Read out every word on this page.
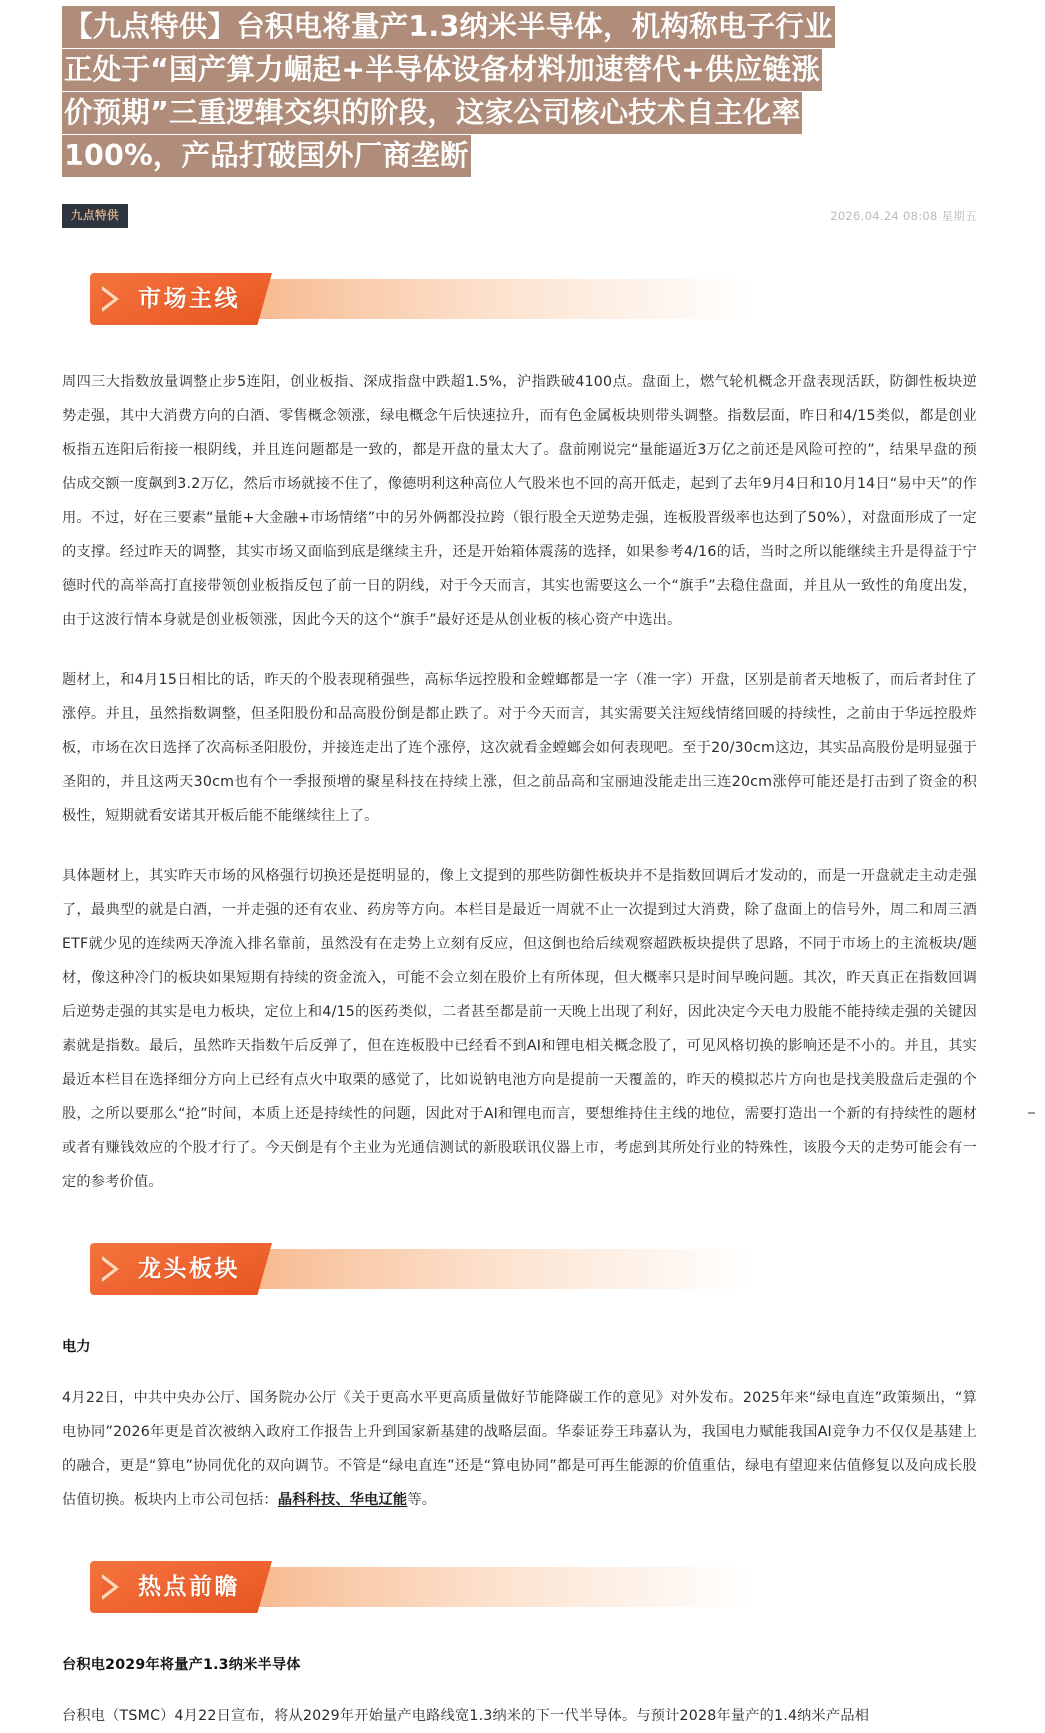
【九点特供】台积电将量产1.3纳米半导体，机构称电子行业
正处于“国产算力崛起+半导体设备材料加速替代+供应链涨
价预期”三重逻辑交织的阶段，这家公司核心技术自主化率
100%，产品打破国外厂商垄断
九点特供	2026.04.24 08:08 星期五
市场主线

周四三大指数放量调整止步5连阳，创业板指、深成指盘中跌超1.5%，沪指跌破4100点。盘面上，燃气轮机概念开盘表现活跃，防御性板块逆势走强，其中大消费方向的白酒、零售概念领涨，绿电概念午后快速拉升，而有色金属板块则带头调整。指数层面，昨日和4/15类似，都是创业板指五连阳后衔接一根阴线，并且连问题都是一致的，都是开盘的量太大了。盘前刚说完“量能逼近3万亿之前还是风险可控的”，结果早盘的预估成交额一度飙到3.2万亿，然后市场就接不住了，像德明利这种高位人气股米也不回的高开低走，起到了去年9月4日和10月14日“易中天”的作用。不过，好在三要素“量能+大金融+市场情绪”中的另外俩都没拉跨（银行股全天逆势走强，连板股晋级率也达到了50%），对盘面形成了一定的支撑。经过昨天的调整，其实市场又面临到底是继续主升，还是开始箱体震荡的选择，如果参考4/16的话，当时之所以能继续主升是得益于宁德时代的高举高打直接带领创业板指反包了前一日的阴线，对于今天而言，其实也需要这么一个“旗手”去稳住盘面，并且从一致性的角度出发，由于这波行情本身就是创业板领涨，因此今天的这个“旗手”最好还是从创业板的核心资产中选出。

题材上，和4月15日相比的话，昨天的个股表现稍强些，高标华远控股和金螳螂都是一字（准一字）开盘，区别是前者天地板了，而后者封住了涨停。并且，虽然指数调整，但圣阳股份和品高股份倒是都止跌了。对于今天而言，其实需要关注短线情绪回暖的持续性，之前由于华远控股炸板，市场在次日选择了次高标圣阳股份，并接连走出了连个涨停，这次就看金螳螂会如何表现吧。至于20/30cm这边，其实品高股份是明显强于圣阳的，并且这两天30cm也有个一季报预增的聚星科技在持续上涨，但之前品高和宝丽迪没能走出三连20cm涨停可能还是打击到了资金的积极性，短期就看安诺其开板后能不能继续往上了。

具体题材上，其实昨天市场的风格强行切换还是挺明显的，像上文提到的那些防御性板块并不是指数回调后才发动的，而是一开盘就走主动走强了，最典型的就是白酒，一并走强的还有农业、药房等方向。本栏目是最近一周就不止一次提到过大消费，除了盘面上的信号外，周二和周三酒ETF就少见的连续两天净流入排名靠前，虽然没有在走势上立刻有反应，但这倒也给后续观察超跌板块提供了思路，不同于市场上的主流板块/题材，像这种冷门的板块如果短期有持续的资金流入，可能不会立刻在股价上有所体现，但大概率只是时间早晚问题。其次，昨天真正在指数回调后逆势走强的其实是电力板块，定位上和4/15的医药类似，二者甚至都是前一天晚上出现了利好，因此决定今天电力股能不能持续走强的关键因素就是指数。最后，虽然昨天指数午后反弹了，但在连板股中已经看不到AI和锂电相关概念股了，可见风格切换的影响还是不小的。并且，其实最近本栏目在选择细分方向上已经有点火中取栗的感觉了，比如说钠电池方向是提前一天覆盖的，昨天的模拟芯片方向也是找美股盘后走强的个股，之所以要那么“抢”时间，本质上还是持续性的问题，因此对于AI和锂电而言，要想维持住主线的地位，需要打造出一个新的有持续性的题材或者有赚钱效应的个股才行了。今天倒是有个主业为光通信测试的新股联讯仪器上市，考虑到其所处行业的特殊性，该股今天的走势可能会有一定的参考价值。

龙头板块
电力

4月22日，中共中央办公厅、国务院办公厅《关于更高水平更高质量做好节能降碳工作的意见》对外发布。2025年来“绿电直连”政策频出，“算电协同”2026年更是首次被纳入政府工作报告上升到国家新基建的战略层面。华泰证券王玮嘉认为，我国电力赋能我国AI竞争力不仅仅是基建上的融合，更是“算电”协同优化的双向调节。不管是“绿电直连”还是“算电协同”都是可再生能源的价值重估，绿电有望迎来估值修复以及向成长股估值切换。板块内上市公司包括：晶科科技、华电辽能等。

热点前瞻
台积电2029年将量产1.3纳米半导体

台积电（TSMC）4月22日宣布，将从2029年开始量产电路线宽1.3纳米的下一代半导体。与预计2028年量产的1.4纳米产品相
